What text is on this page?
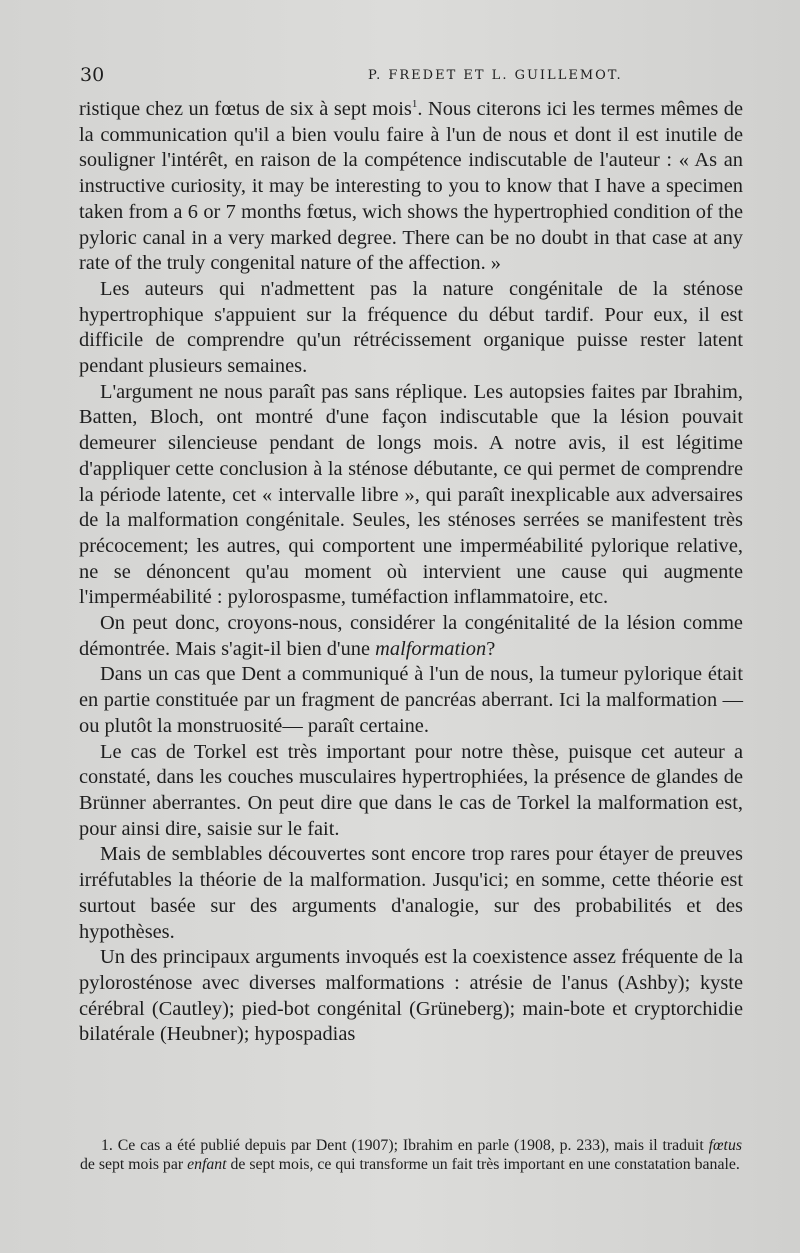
30	P. FREDET ET L. GUILLEMOT.

ristique chez un fœtus de six à sept mois$^1$. Nous citerons ici les termes mêmes de la communication qu'il a bien voulu faire à l'un de nous et dont il est inutile de souligner l'intérêt, en raison de la compétence indiscutable de l'auteur : « As an instructive curiosity, it may be interesting to you to know that I have a specimen taken from a 6 or 7 months fœtus, wich shows the hypertrophied condition of the pyloric canal in a very marked degree. There can be no doubt in that case at any rate of the truly congenital nature of the affection. »

Les auteurs qui n'admettent pas la nature congénitale de la sténose hypertrophique s'appuient sur la fréquence du début tardif. Pour eux, il est difficile de comprendre qu'un rétrécissement organique puisse rester latent pendant plusieurs semaines.

L'argument ne nous paraît pas sans réplique. Les autopsies faites par Ibrahim, Batten, Bloch, ont montré d'une façon indiscutable que la lésion pouvait demeurer silencieuse pendant de longs mois. A notre avis, il est légitime d'appliquer cette conclusion à la sténose débutante, ce qui permet de comprendre la période latente, cet « intervalle libre », qui paraît inexplicable aux adversaires de la malformation congénitale. Seules, les sténoses serrées se manifestent très précocement; les autres, qui comportent une imperméabilité pylorique relative, ne se dénoncent qu'au moment où intervient une cause qui augmente l'imperméabilité : pylorospasme, tuméfaction inflammatoire, etc.

On peut donc, croyons-nous, considérer la congénitalité de la lésion comme démontrée. Mais s'agit-il bien d'une malformation?

Dans un cas que Dent a communiqué à l'un de nous, la tumeur pylorique était en partie constituée par un fragment de pancréas aberrant. Ici la malformation — ou plutôt la monstruosité— paraît certaine.

Le cas de Torkel est très important pour notre thèse, puisque cet auteur a constaté, dans les couches musculaires hypertrophiées, la présence de glandes de Brünner aberrantes. On peut dire que dans le cas de Torkel la malformation est, pour ainsi dire, saisie sur le fait.

Mais de semblables découvertes sont encore trop rares pour étayer de preuves irréfutables la théorie de la malformation. Jusqu'ici; en somme, cette théorie est surtout basée sur des arguments d'analogie, sur des probabilités et des hypothèses.

Un des principaux arguments invoqués est la coexistence assez fréquente de la pylorosténose avec diverses malformations : atrésie de l'anus (Ashby); kyste cérébral (Cautley); pied-bot congénital (Grüneberg); main-bote et cryptorchidie bilatérale (Heubner); hypospadias

1. Ce cas a été publié depuis par Dent (1907); Ibrahim en parle (1908, p. 233), mais il traduit fœtus de sept mois par enfant de sept mois, ce qui transforme un fait très important en une constatation banale.
